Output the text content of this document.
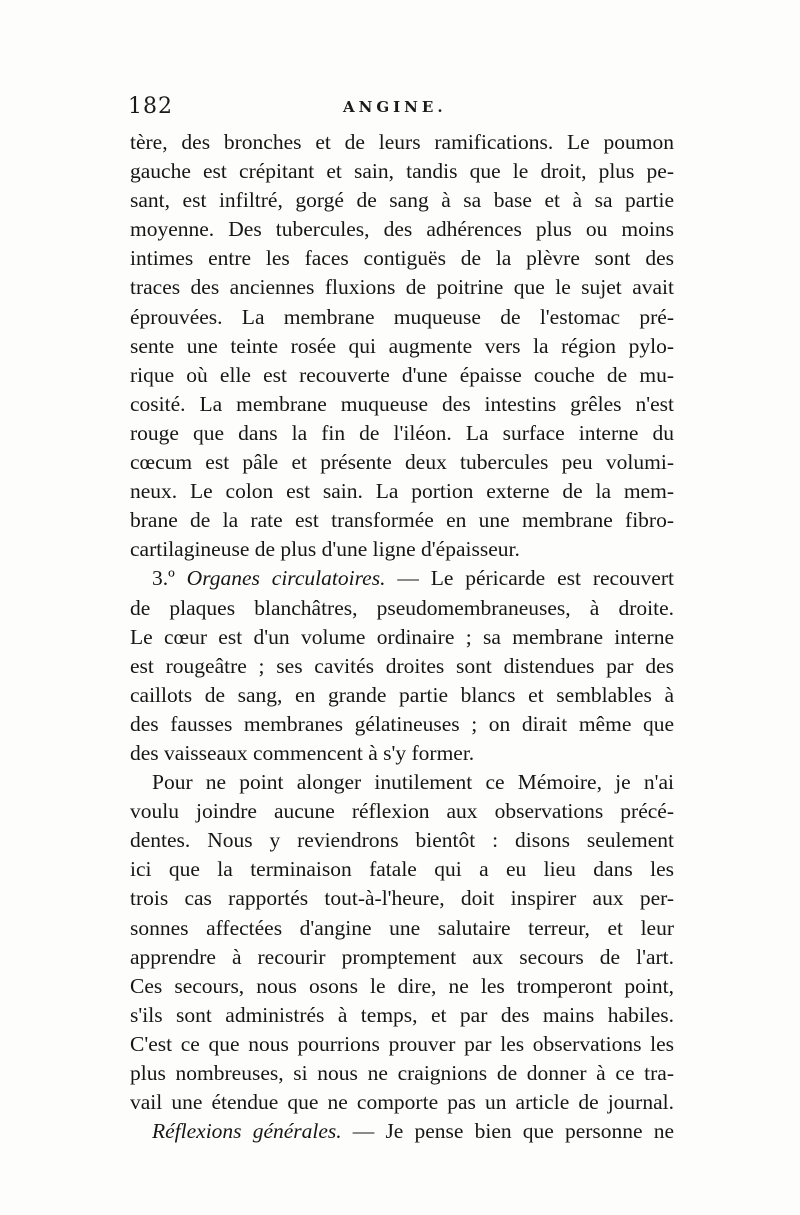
182	ANGINE.
tère, des bronches et de leurs ramifications. Le poumon
gauche est crépitant et sain, tandis que le droit, plus pe-
sant, est infiltré, gorgé de sang à sa base et à sa partie
moyenne. Des tubercules, des adhérences plus ou moins
intimes entre les faces contiguës de la plèvre sont des
traces des anciennes fluxions de poitrine que le sujet avait
éprouvées. La membrane muqueuse de l'estomac pré-
sente une teinte rosée qui augmente vers la région pylo-
rique où elle est recouverte d'une épaisse couche de mu-
cosité. La membrane muqueuse des intestins grêles n'est
rouge que dans la fin de l'iléon. La surface interne du
cœcum est pâle et présente deux tubercules peu volumi-
neux. Le colon est sain. La portion externe de la mem-
brane de la rate est transformée en une membrane fibro-
cartilagineuse de plus d'une ligne d'épaisseur.
3.º Organes circulatoires. — Le péricarde est recouvert
de plaques blanchâtres, pseudomembraneuses, à droite.
Le cœur est d'un volume ordinaire ; sa membrane interne
est rougeâtre ; ses cavités droites sont distendues par des
caillots de sang, en grande partie blancs et semblables à
des fausses membranes gélatineuses ; on dirait même que
des vaisseaux commencent à s'y former.
Pour ne point alonger inutilement ce Mémoire, je n'ai
voulu joindre aucune réflexion aux observations précé-
dentes. Nous y reviendrons bientôt : disons seulement
ici que la terminaison fatale qui a eu lieu dans les
trois cas rapportés tout-à-l'heure, doit inspirer aux per-
sonnes affectées d'angine une salutaire terreur, et leur
apprendre à recourir promptement aux secours de l'art.
Ces secours, nous osons le dire, ne les tromperont point,
s'ils sont administrés à temps, et par des mains habiles.
C'est ce que nous pourrions prouver par les observations les
plus nombreuses, si nous ne craignions de donner à ce tra-
vail une étendue que ne comporte pas un article de journal.
Réflexions générales. — Je pense bien que personne ne
